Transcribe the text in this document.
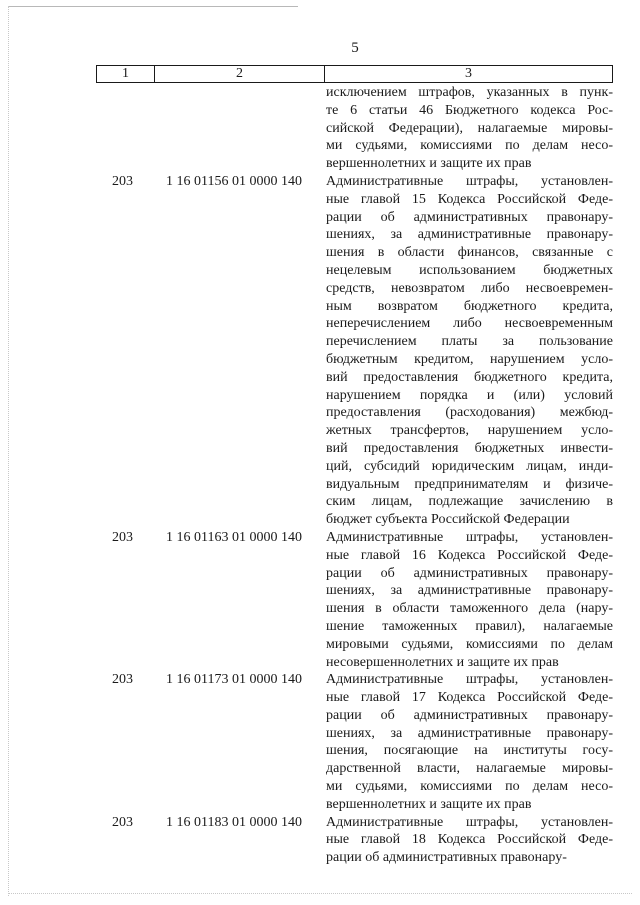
5
1	2	3
исключением штрафов, указанных в пунк-
те 6 статьи 46 Бюджетного кодекса Рос-
сийской Федерации), налагаемые мировы-
ми судьями, комиссиями по делам несо-
вершеннолетних и защите их прав
203 1 16 01156 01 0000 140 Административные штрафы, установлен-
ные главой 15 Кодекса Российской Феде-
рации об административных правонару-
шениях, за административные правонару-
шения в области финансов, связанные с
нецелевым использованием бюджетных
средств, невозвратом либо несвоевремен-
ным возвратом бюджетного кредита,
неперечислением либо несвоевременным
перечислением платы за пользование
бюджетным кредитом, нарушением усло-
вий предоставления бюджетного кредита,
нарушением порядка и (или) условий
предоставления (расходования) межбюд-
жетных трансфертов, нарушением усло-
вий предоставления бюджетных инвести-
ций, субсидий юридическим лицам, инди-
видуальным предпринимателям и физиче-
ским лицам, подлежащие зачислению в
бюджет субъекта Российской Федерации
203 1 16 01163 01 0000 140 Административные штрафы, установлен-
ные главой 16 Кодекса Российской Феде-
рации об административных правонару-
шениях, за административные правонару-
шения в области таможенного дела (нару-
шение таможенных правил), налагаемые
мировыми судьями, комиссиями по делам
несовершеннолетних и защите их прав
203 1 16 01173 01 0000 140 Административные штрафы, установлен-
ные главой 17 Кодекса Российской Феде-
рации об административных правонару-
шениях, за административные правонару-
шения, посягающие на институты госу-
дарственной власти, налагаемые мировы-
ми судьями, комиссиями по делам несо-
вершеннолетних и защите их прав
203 1 16 01183 01 0000 140 Административные штрафы, установлен-
ные главой 18 Кодекса Российской Феде-
рации об административных правонару-
